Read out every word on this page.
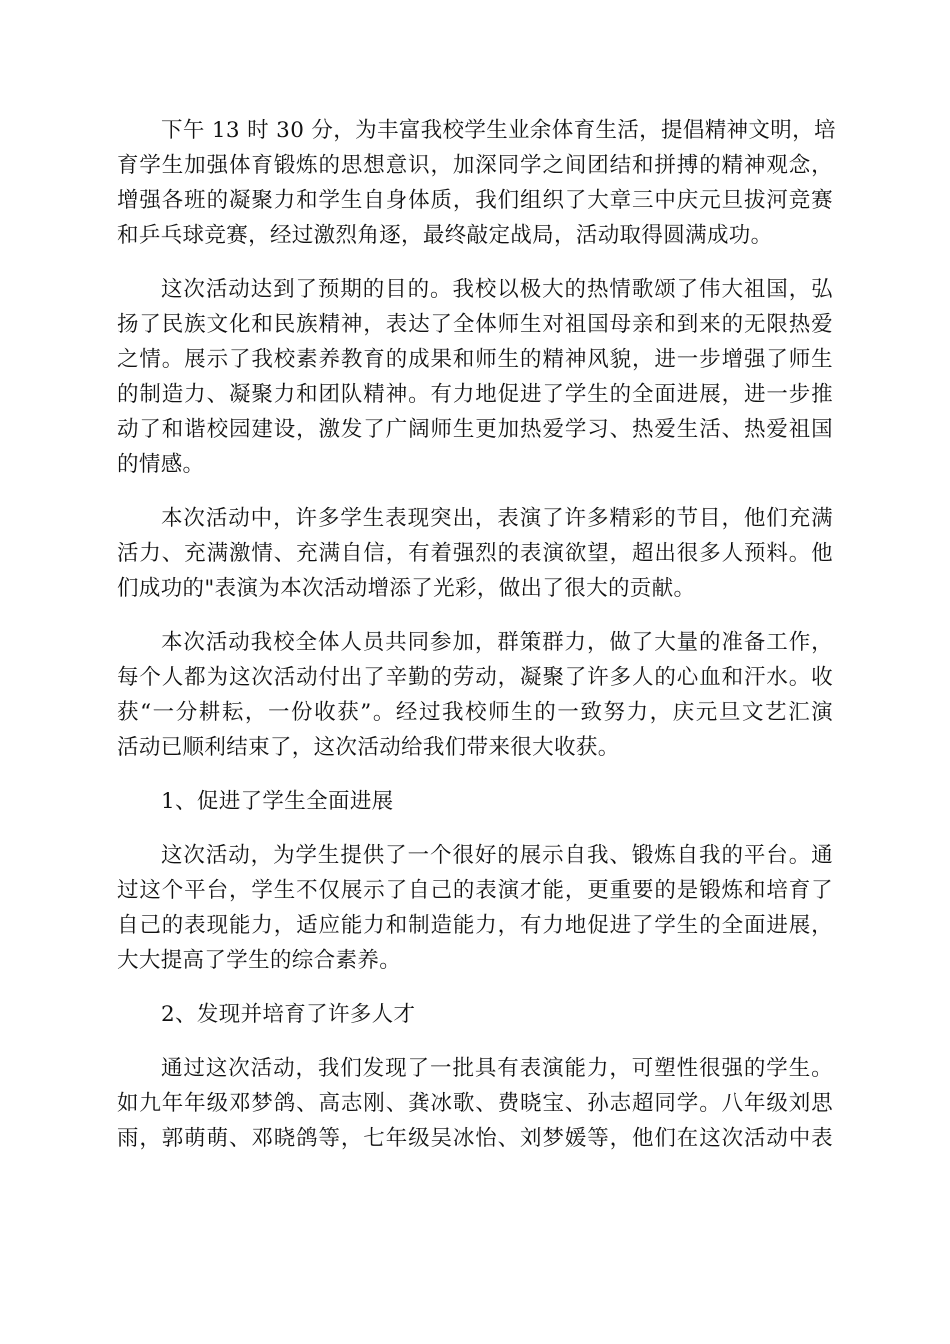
下午 13 时 30 分，为丰富我校学生业余体育生活，提倡精神文明，培
育学生加强体育锻炼的思想意识，加深同学之间团结和拼搏的精神观念，
增强各班的凝聚力和学生自身体质，我们组织了大章三中庆元旦拔河竞赛
和乒乓球竞赛，经过激烈角逐，最终敲定战局，活动取得圆满成功。
这次活动达到了预期的目的。我校以极大的热情歌颂了伟大祖国，弘
扬了民族文化和民族精神，表达了全体师生对祖国母亲和到来的无限热爱
之情。展示了我校素养教育的成果和师生的精神风貌，进一步增强了师生
的制造力、凝聚力和团队精神。有力地促进了学生的全面进展，进一步推
动了和谐校园建设，激发了广阔师生更加热爱学习、热爱生活、热爱祖国
的情感。
本次活动中，许多学生表现突出，表演了许多精彩的节目，他们充满
活力、充满激情、充满自信，有着强烈的表演欲望，超出很多人预料。他
们成功的"表演为本次活动增添了光彩，做出了很大的贡献。
本次活动我校全体人员共同参加，群策群力，做了大量的准备工作，
每个人都为这次活动付出了辛勤的劳动，凝聚了许多人的心血和汗水。收
获“一分耕耘，一份收获”。经过我校师生的一致努力，庆元旦文艺汇演
活动已顺利结束了，这次活动给我们带来很大收获。
1、促进了学生全面进展
这次活动，为学生提供了一个很好的展示自我、锻炼自我的平台。通
过这个平台，学生不仅展示了自己的表演才能，更重要的是锻炼和培育了
自己的表现能力，适应能力和制造能力，有力地促进了学生的全面进展，
大大提高了学生的综合素养。
2、发现并培育了许多人才
通过这次活动，我们发现了一批具有表演能力，可塑性很强的学生。
如九年年级邓梦鸽、高志刚、龚冰歌、费晓宝、孙志超同学。八年级刘思
雨，郭萌萌、邓晓鸽等，七年级吴冰怡、刘梦媛等，他们在这次活动中表
